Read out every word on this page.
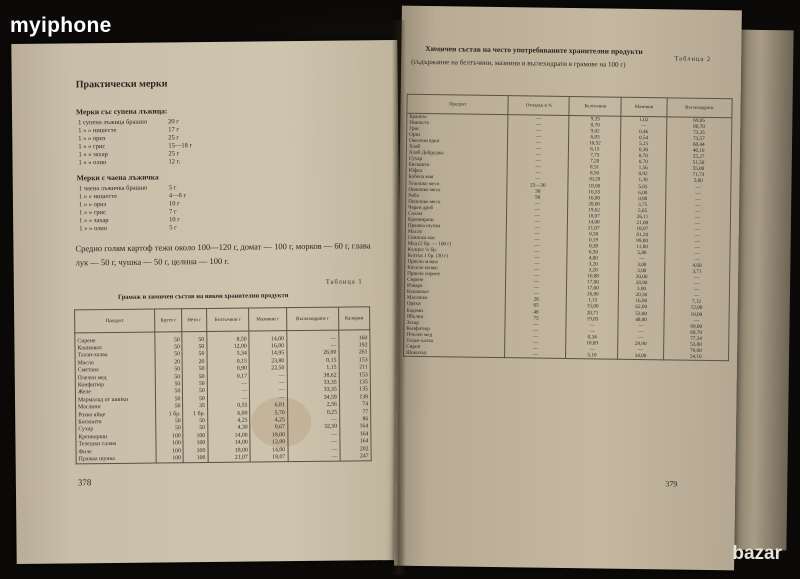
Практически мерки
Мерки със супена лъжица:
1 супена лъжица брашно	20 г
1 » » нишесте	17 г
1 » » ориз	25 г
1 » » грис	15—18 г
1 » » захар	25 г
1 » » олио	12 г.
Мерки с чаена лъжичка
1 чаена лъжичка брашно	5 г
1 » » нишесте	4—6 г
1 » » ориз	10 г
1 » » грис	7 г
1 » » захар	10 г
1 » » олио	5 г
Средно голям картоф тежи около 100—120 г, домат — 100 г, морков — 60 г, глава лук — 50 г, чушка — 50 г, целина — 100 г.
Таблица 1
Грамаж и химичен състав на някои хранителни продукти
Продукт	Бруто г	Нето г	Белтъчини г	Мазнини г	Въглехидрати г	Калории
Сирене	50	50	8,50	14,00	—	160
Кашкавал	50	50	12,00	16,00	—	192
Тахан-халва	50	50	5,34	14,95	26,00	261
Масло	20	20	0,15	23,80	0,15	153
Сметана	50	50	0,90	22,50	1,15	211
Пчелен мед	50	50	0,17	—	38,62	153
Конфитюр	50	50	—	—	33,35	135
Желе	50	50	—	—	33,35	135
Мармалад от шипки	50	50	—	—	34,59	139
Маслини	50	35	0,55	6,81	2,56	74
Рохко яйце	1 бр.	1 бр.	6,00	5,70	0,25	77
Бисквити	50	50	4,25	4,25	—	86
Сухар	50	50	4,30	0,67	32,50	164
Кренвирши	100	100	14,00	18,00	—	164
Телешки салам	100	100	14,00	12,00	—	164
Филе	100	100	18,00	14,00	—	202
Пражка шунка	100	100	21,07	18,07	—	247
378
Химичен състав на често употребяваните хранителни продукти
Таблица 2
(съдържание на белтъчини, мазнини и въглехидрати в грамове на 100 г)
Продукт	Отпадък в %	Белтъчини	Мазнини	Въглехидрати
Брашно	—	9,35	1,02	69,05
Нишесте	—	0,70	—	80,70
Грис	—	9,02	0,46	73,35
Ориз	—	6,85	0,54	73,57
Овесени ядки	—	10,52	5,25	60,44
Хляб	—	6,15	0,30	46,10
Хляб Добруджа	—	7,75	0,70	55,27
Сухар	—	7,20	0,70	51,50
Бисквити	—	8,51	1,56	55,00
Юфка	—	8,50	0,92	71,73
Бобена мая	—	10,20	1,30	5,00
Телешко месо	25—30	18,00	5,05	—
Овнешко месо	30	16,55	6,00	—
Риба	50	16,00	0,80	—
Пилешко месо	—	20,00	3,75	—
Черен дроб	—	19,62	5,85	—
Салам	—	18,07	26,11	—
Кренвирши	—	14,00	21,00	—
Пражка шунка	—	21,07	18,07	—
Масло	—	0,50	81,20	—
Свинска мас	—	0,19	99,00	—
Мед (2 бр. — 100 г)	—	0,38	11,80	—
Кълцът ¼ бр.	—	6,50	5,80	—
Белтък 1 бр. (30 г)	—	4,00	—	—
Прясно мляко	—	3,20	3,00	4,60
Кисело мляко	—	3,20	3,00	3,71
Прясно сирене	—	16,88	20,00	—
Сирене	—	17,00	28,80	—
Извара	—	17,00	3,00	—
Кашкавал	—	26,00	20,30	—
Маслини	26	1,15	16,80	7,12
Орехи	65	15,00	62,00	12,00
Бадеми	48	20,71	53,00	10,00
Ябълки	75	19,85	48,00	—
Захар	—	—	—	99,00
Конфитюр	—	—	—	68,70
Пчелен мед	—	0,34	—	77,34
Тахан-халва	—	10,69	29,90	53,88
Сироп	—	—	—	70,00
Шоколад	—	5,10	34,00	54,10
379
myiphone
bazar
